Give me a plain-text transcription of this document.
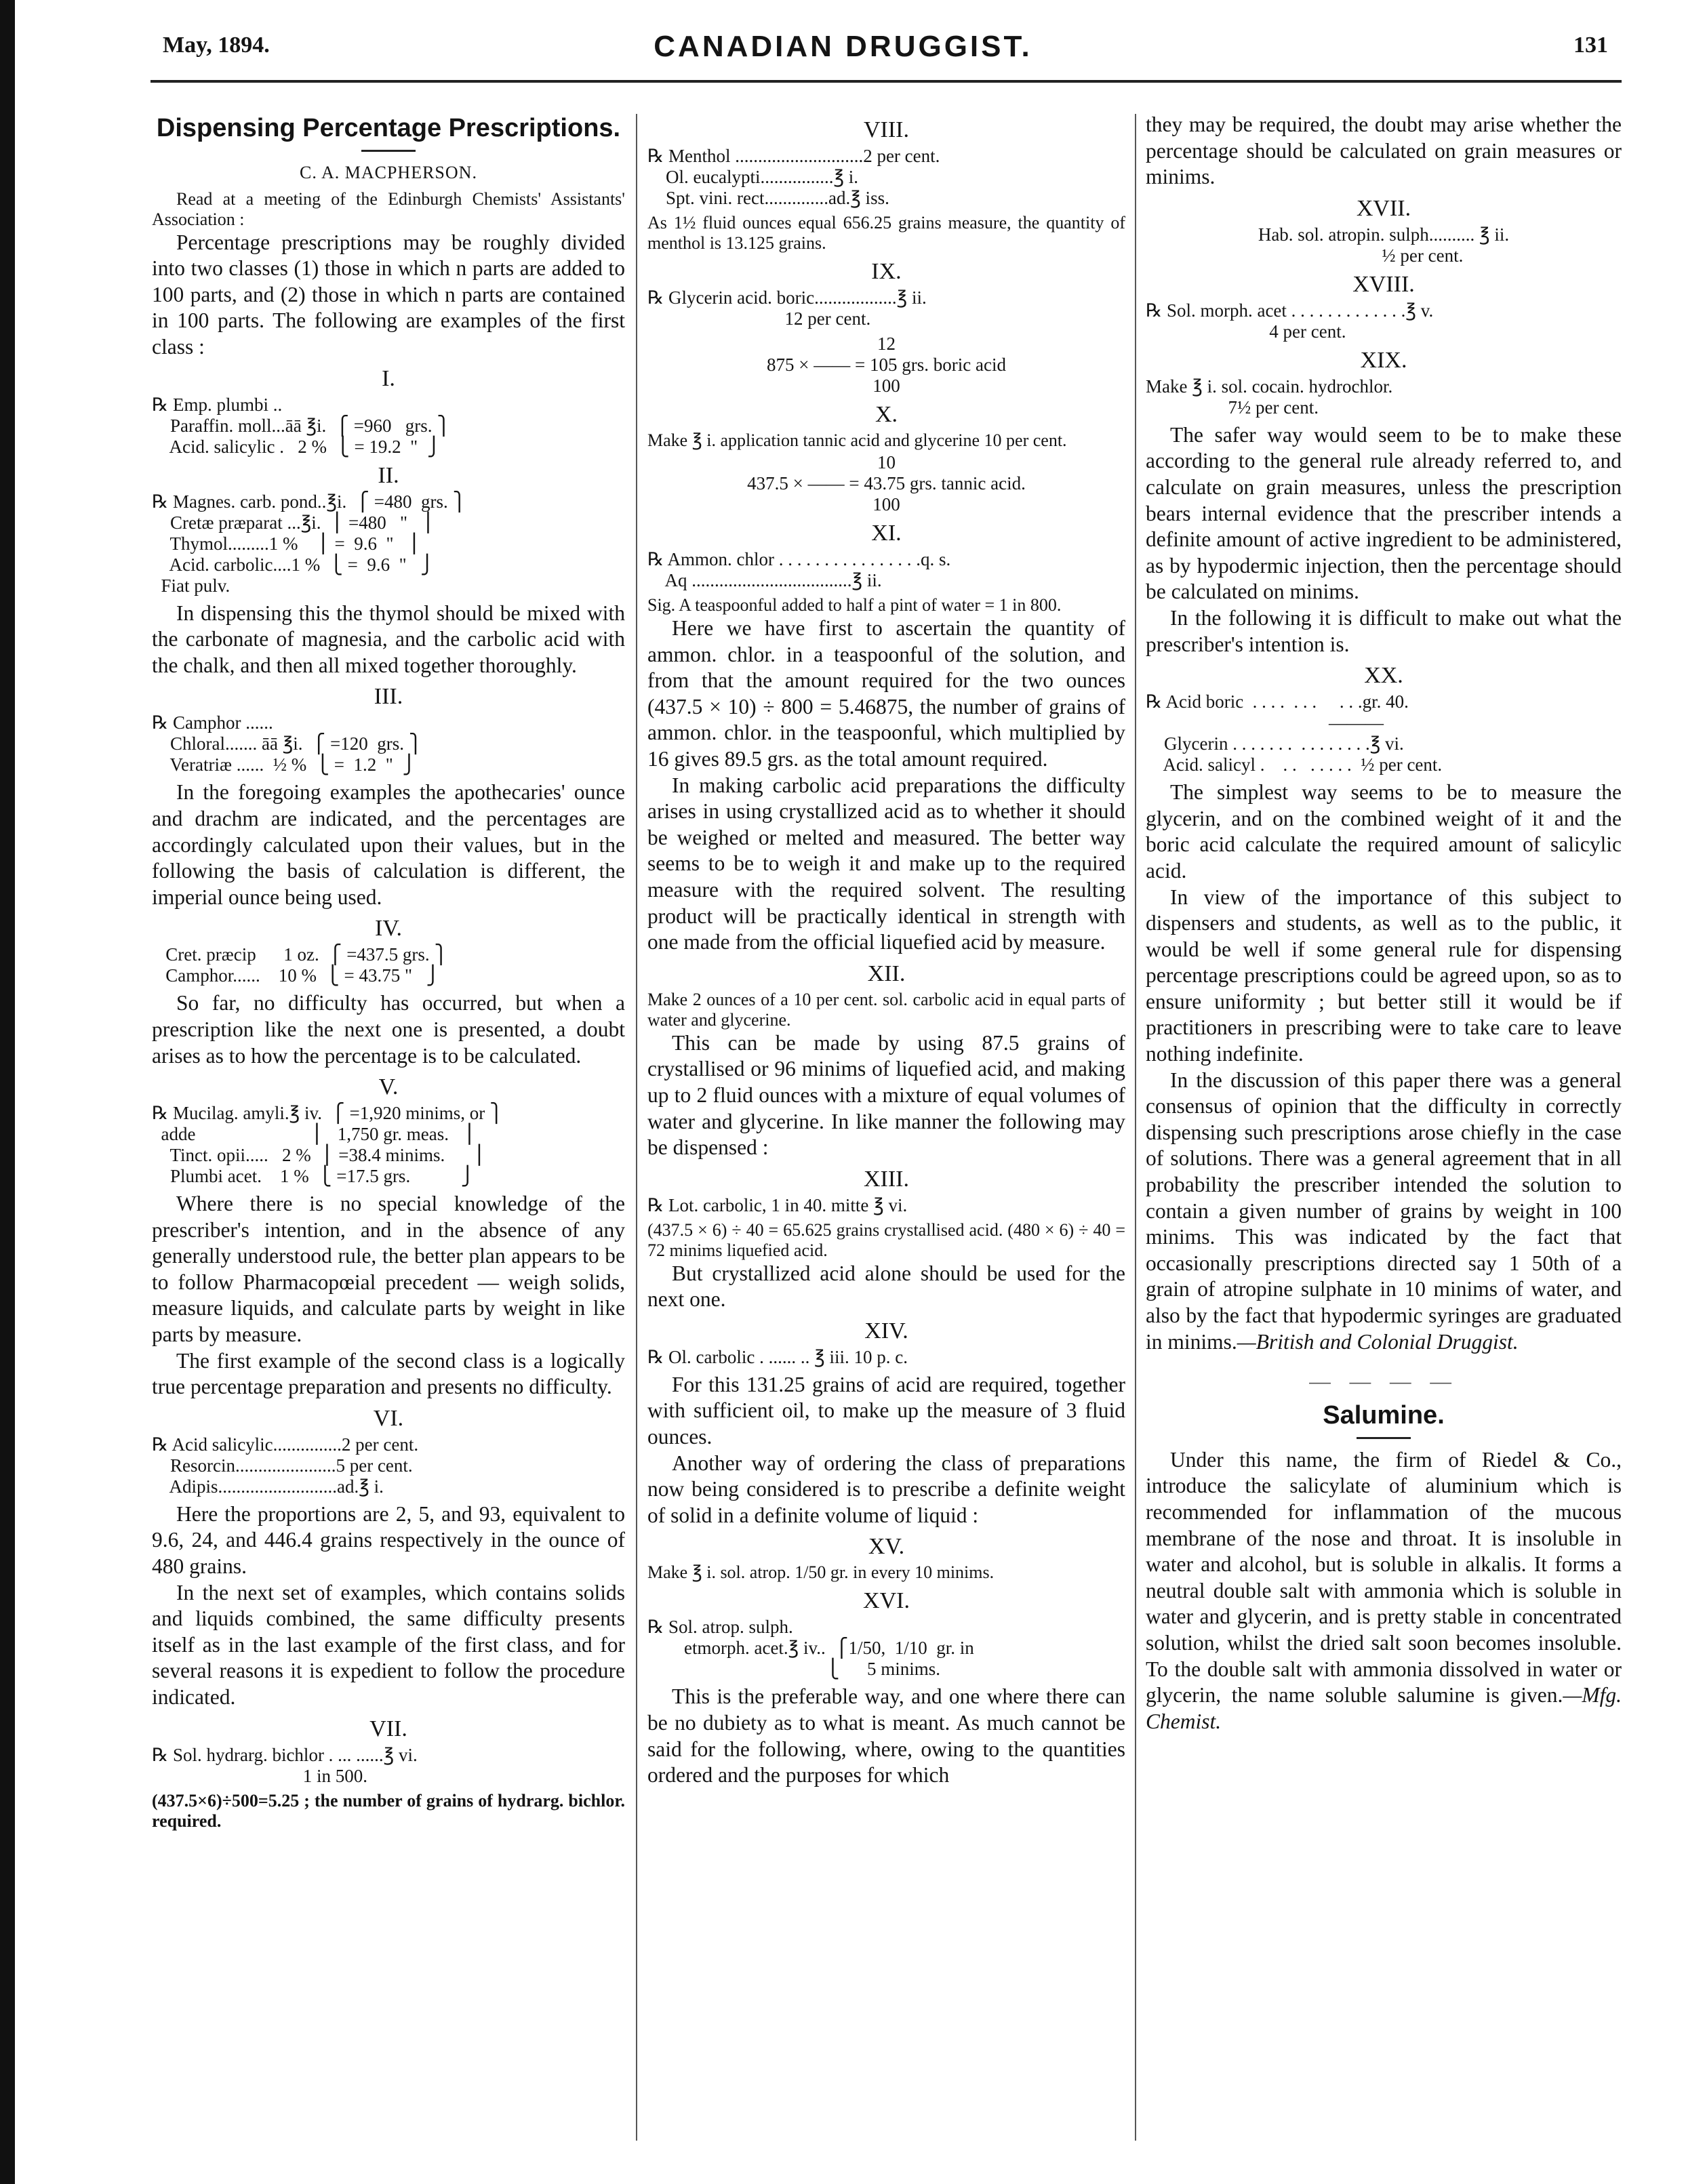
May, 1894.	CANADIAN DRUGGIST.	131
Dispensing Percentage Prescriptions.
C. A. MACPHERSON.

Read at a meeting of the Edinburgh Chemists' Assistants' Association :

Percentage prescriptions may be roughly divided into two classes (1) those in which n parts are added to 100 parts, and (2) those in which n parts are contained in 100 parts. The following are examples of the first class :

I.
℞ Emp. plumbi ..
Paraffin. moll...āā ℥i.  ⎧ =960   grs. ⎫
Acid. salicylic .   2 %  ⎩ = 19.2  "  ⎭
II.
℞ Magnes. carb. pond..℥i.  ⎧ =480  grs. ⎫
Cretæ præparat ...℥i.  ⎪ =480   "   ⎪
Thymol.........1 %    ⎪ =  9.6  "   ⎪
Acid. carbolic....1 %  ⎩ =  9.6  "   ⎭
Fiat pulv.

In dispensing this the thymol should be mixed with the carbonate of magnesia, and the carbolic acid with the chalk, and then all mixed together thoroughly.

III.
℞ Camphor ......
Chloral....... āā ℥i.  ⎧ =120  grs. ⎫
Veratriæ ......  ½ %  ⎩ =  1.2  "  ⎭

In the foregoing examples the apothecaries' ounce and drachm are indicated, and the percentages are accordingly calculated upon their values, but in the following the basis of calculation is different, the imperial ounce being used.

IV.
Cret. præcip      1 oz.  ⎧ =437.5 grs. ⎫
Camphor......    10 %  ⎩ = 43.75 "   ⎭

So far, no difficulty has occurred, but when a prescription like the next one is presented, a doubt arises as to how the percentage is to be calculated.

V.
℞ Mucilag. amyli.℥ iv.  ⎧ =1,920 minims, or ⎫
adde                         ⎪   1,750 gr. meas.   ⎪
Tinct. opii.....   2 %  ⎪ =38.4 minims.      ⎪
Plumbi acet.    1 %  ⎩ =17.5 grs.           ⎭

Where there is no special knowledge of the prescriber's intention, and in the absence of any generally understood rule, the better plan appears to be to follow Pharmacopœial precedent — weigh solids, measure liquids, and calculate parts by weight in like parts by measure.

The first example of the second class is a logically true percentage preparation and presents no difficulty.

VI.
℞ Acid salicylic...............2 per cent.
Resorcin......................5 per cent.
Adipis..........................ad.℥ i.

Here the proportions are 2, 5, and 93, equivalent to 9.6, 24, and 446.4 grains respectively in the ounce of 480 grains.

In the next set of examples, which contains solids and liquids combined, the same difficulty presents itself as in the last example of the first class, and for several reasons it is expedient to follow the procedure indicated.

VII.
℞ Sol. hydrarg. bichlor . ... ......℥ vi.
1 in 500.

(437.5×6)÷500=5.25 ; the number of grains of hydrarg. bichlor. required.

VIII.
℞ Menthol ............................2 per cent.
Ol. eucalypti................℥ i.
Spt. vini. rect..............ad.℥ iss.

As 1½ fluid ounces equal 656.25 grains measure, the quantity of menthol is 13.125 grains.

IX.
℞ Glycerin acid. boric..................℥ ii.
12 per cent.
12
875 × —— = 105 grs. boric acid
100
X.

Make ℥ i. application tannic acid and glycerine 10 per cent.

10
437.5 × —— = 43.75 grs. tannic acid.
100
XI.
℞ Ammon. chlor . . . . . . . . . . . . . . . .q. s.
Aq ...................................℥ ii.

Sig. A teaspoonful added to half a pint of water = 1 in 800.

Here we have first to ascertain the quantity of ammon. chlor. in a teaspoonful of the solution, and from that the amount required for the two ounces (437.5 × 10) ÷ 800 = 5.46875, the number of grains of ammon. chlor. in the teaspoonful, which multiplied by 16 gives 89.5 grs. as the total amount required.

In making carbolic acid preparations the difficulty arises in using crystallized acid as to whether it should be weighed or melted and measured. The better way seems to be to weigh it and make up to the required measure with the required solvent. The resulting product will be practically identical in strength with one made from the official liquefied acid by measure.

XII.

Make 2 ounces of a 10 per cent. sol. carbolic acid in equal parts of water and glycerine.

This can be made by using 87.5 grains of crystallised or 96 minims of liquefied acid, and making up to 2 fluid ounces with a mixture of equal volumes of water and glycerine. In like manner the following may be dispensed :

XIII.
℞ Lot. carbolic, 1 in 40. mitte ℥ vi.

(437.5 × 6) ÷ 40 = 65.625 grains crystallised acid. (480 × 6) ÷ 40 = 72 minims liquefied acid.

But crystallized acid alone should be used for the next one.

XIV.
℞ Ol. carbolic . ...... .. ℥ iii. 10 p. c.

For this 131.25 grains of acid are required, together with sufficient oil, to make up the measure of 3 fluid ounces.

Another way of ordering the class of preparations now being considered is to prescribe a definite weight of solid in a definite volume of liquid :

XV.

Make ℥ i. sol. atrop. 1/50 gr. in every 10 minims.

XVI.
℞ Sol. atrop. sulph.
etmorph. acet.℥ iv..  ⎧1/50,  1/10  gr. in
⎩      5 minims.

This is the preferable way, and one where there can be no dubiety as to what is meant. As much cannot be said for the following, where, owing to the quantities ordered and the purposes for which

they may be required, the doubt may arise whether the percentage should be calculated on grain measures or minims.

XVII.
Hab. sol. atropin. sulph.......... ℥ ii.
½ per cent.
XVIII.
℞ Sol. morph. acet . . . . . . . . . . . . .℥ v.
4 per cent.
XIX.
Make ℥ i. sol. cocain. hydrochlor.
7½ per cent.

The safer way would seem to be to make these according to the general rule already referred to, and calculate on grain measures, unless the prescription bears internal evidence that the prescriber intends a definite amount of active ingredient to be administered, as by hypodermic injection, then the percentage should be calculated on minims.

In the following it is difficult to make out what the prescriber's intention is.

XX.
℞ Acid boric  . . . .  . . .     . . .gr. 40.
———
Glycerin . . . . . . .  . . . . . . . .℥ vi.
Acid. salicyl .    . .   . . . . .  ½ per cent.

The simplest way seems to be to measure the glycerin, and on the combined weight of it and the boric acid calculate the required amount of salicylic acid.

In view of the importance of this subject to dispensers and students, as well as to the public, it would be well if some general rule for dispensing percentage prescriptions could be agreed upon, so as to ensure uniformity ; but better still it would be if practitioners in prescribing were to take care to leave nothing indefinite.

In the discussion of this paper there was a general consensus of opinion that the difficulty in correctly dispensing such prescriptions arose chiefly in the case of solutions. There was a general agreement that in all probability the prescriber intended the solution to contain a given number of grains by weight in 100 minims. This was indicated by the fact that occasionally prescriptions directed say 1 50th of a grain of atropine sulphate in 10 minims of water, and also by the fact that hypodermic syringes are graduated in minims.—British and Colonial Druggist.

— — — —
Salumine.

Under this name, the firm of Riedel & Co., introduce the salicylate of aluminium which is recommended for inflammation of the mucous membrane of the nose and throat. It is insoluble in water and alcohol, but is soluble in alkalis. It forms a neutral double salt with ammonia which is soluble in water and glycerin, and is pretty stable in concentrated solution, whilst the dried salt soon becomes insoluble. To the double salt with ammonia dissolved in water or glycerin, the name soluble salumine is given.—Mfg. Chemist.
